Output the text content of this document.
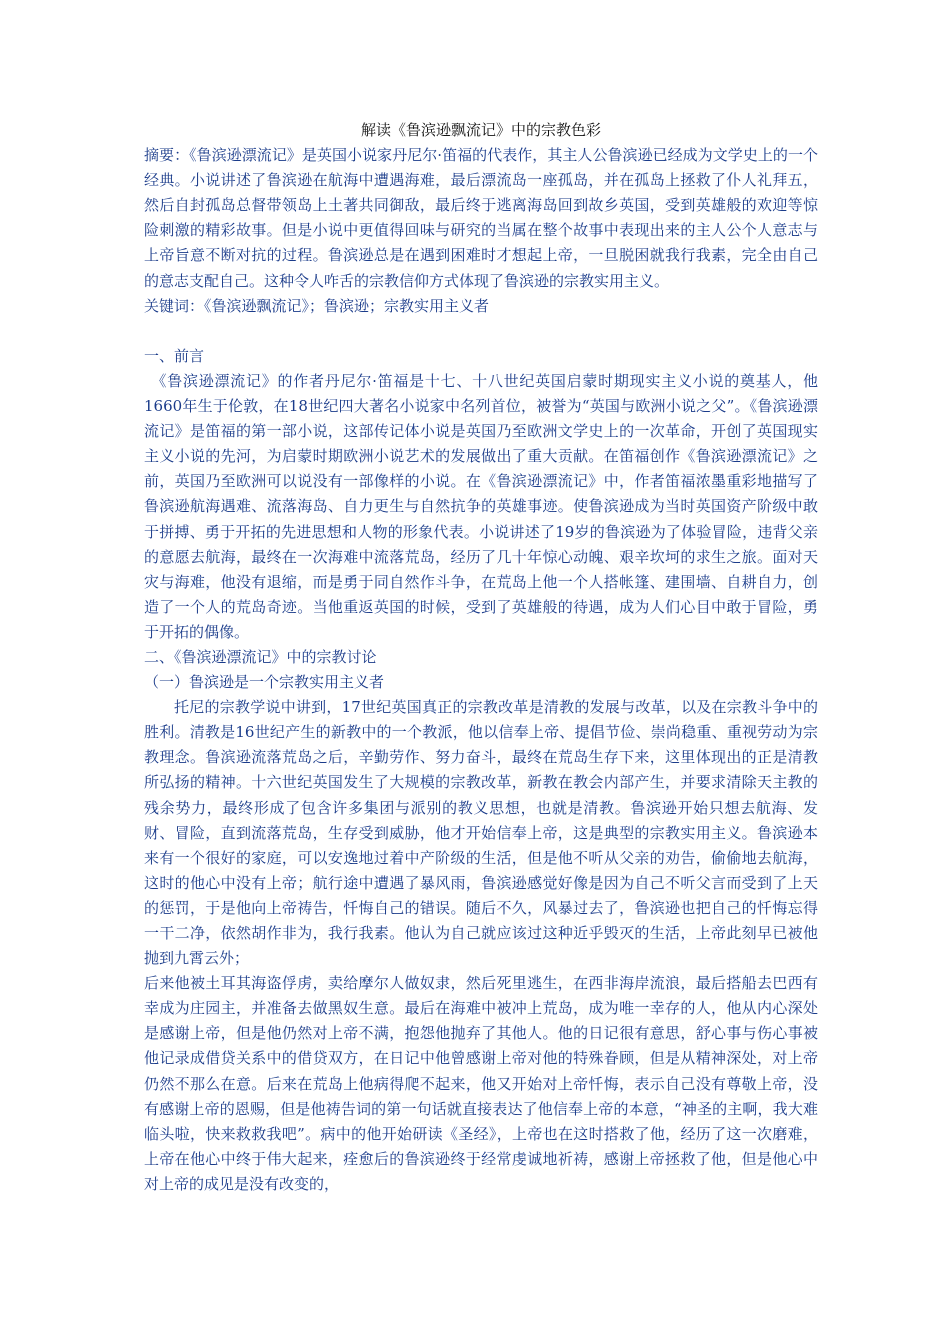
解读《鲁滨逊飘流记》中的宗教色彩

摘要：《鲁滨逊漂流记》是英国小说家丹尼尔·笛福的代表作，其主人公鲁滨逊已经成为文学史上的一个经典。小说讲述了鲁滨逊在航海中遭遇海难，最后漂流岛一座孤岛，并在孤岛上拯救了仆人礼拜五，然后自封孤岛总督带领岛上土著共同御敌，最后终于逃离海岛回到故乡英国，受到英雄般的欢迎等惊险刺激的精彩故事。但是小说中更值得回味与研究的当属在整个故事中表现出来的主人公个人意志与上帝旨意不断对抗的过程。鲁滨逊总是在遇到困难时才想起上帝，一旦脱困就我行我素，完全由自己的意志支配自己。这种令人咋舌的宗教信仰方式体现了鲁滨逊的宗教实用主义。

关键词：《鲁滨逊飘流记》；鲁滨逊；宗教实用主义者

一、前言

《鲁滨逊漂流记》的作者丹尼尔·笛福是十七、十八世纪英国启蒙时期现实主义小说的奠基人，他1660年生于伦敦，在18世纪四大著名小说家中名列首位，被誉为“英国与欧洲小说之父”。《鲁滨逊漂流记》是笛福的第一部小说，这部传记体小说是英国乃至欧洲文学史上的一次革命，开创了英国现实主义小说的先河，为启蒙时期欧洲小说艺术的发展做出了重大贡献。在笛福创作《鲁滨逊漂流记》之前，英国乃至欧洲可以说没有一部像样的小说。在《鲁滨逊漂流记》中，作者笛福浓墨重彩地描写了鲁滨逊航海遇难、流落海岛、自力更生与自然抗争的英雄事迹。使鲁滨逊成为当时英国资产阶级中敢于拼搏、勇于开拓的先进思想和人物的形象代表。小说讲述了19岁的鲁滨逊为了体验冒险，违背父亲的意愿去航海，最终在一次海难中流落荒岛，经历了几十年惊心动魄、艰辛坎坷的求生之旅。面对天灾与海难，他没有退缩，而是勇于同自然作斗争，在荒岛上他一个人搭帐篷、建围墙、自耕自力，创造了一个人的荒岛奇迹。当他重返英国的时候，受到了英雄般的待遇，成为人们心目中敢于冒险，勇于开拓的偶像。

二、《鲁滨逊漂流记》中的宗教讨论
（一）鲁滨逊是一个宗教实用主义者

托尼的宗教学说中讲到，17世纪英国真正的宗教改革是清教的发展与改革，以及在宗教斗争中的胜利。清教是16世纪产生的新教中的一个教派，他以信奉上帝、提倡节俭、崇尚稳重、重视劳动为宗教理念。鲁滨逊流落荒岛之后，辛勤劳作、努力奋斗，最终在荒岛生存下来，这里体现出的正是清教所弘扬的精神。十六世纪英国发生了大规模的宗教改革，新教在教会内部产生，并要求清除天主教的残余势力，最终形成了包含许多集团与派别的教义思想，也就是清教。鲁滨逊开始只想去航海、发财、冒险，直到流落荒岛，生存受到威胁，他才开始信奉上帝，这是典型的宗教实用主义。鲁滨逊本来有一个很好的家庭，可以安逸地过着中产阶级的生活，但是他不听从父亲的劝告，偷偷地去航海，这时的他心中没有上帝；航行途中遭遇了暴风雨，鲁滨逊感觉好像是因为自己不听父言而受到了上天的惩罚，于是他向上帝祷告，忏悔自己的错误。随后不久，风暴过去了，鲁滨逊也把自己的忏悔忘得一干二净，依然胡作非为，我行我素。他认为自己就应该过这种近乎毁灭的生活，上帝此刻早已被他抛到九霄云外；

后来他被土耳其海盗俘虏，卖给摩尔人做奴隶，然后死里逃生，在西非海岸流浪，最后搭船去巴西有幸成为庄园主，并准备去做黑奴生意。最后在海难中被冲上荒岛，成为唯一幸存的人，他从内心深处是感谢上帝，但是他仍然对上帝不满，抱怨他抛弃了其他人。他的日记很有意思，舒心事与伤心事被他记录成借贷关系中的借贷双方，在日记中他曾感谢上帝对他的特殊眷顾，但是从精神深处，对上帝仍然不那么在意。后来在荒岛上他病得爬不起来，他又开始对上帝忏悔，表示自己没有尊敬上帝，没有感谢上帝的恩赐，但是他祷告词的第一句话就直接表达了他信奉上帝的本意，“神圣的主啊，我大难临头啦，快来救救我吧”。病中的他开始研读《圣经》，上帝也在这时搭救了他，经历了这一次磨难，上帝在他心中终于伟大起来，痊愈后的鲁滨逊终于经常虔诚地祈祷，感谢上帝拯救了他，但是他心中对上帝的成见是没有改变的，
